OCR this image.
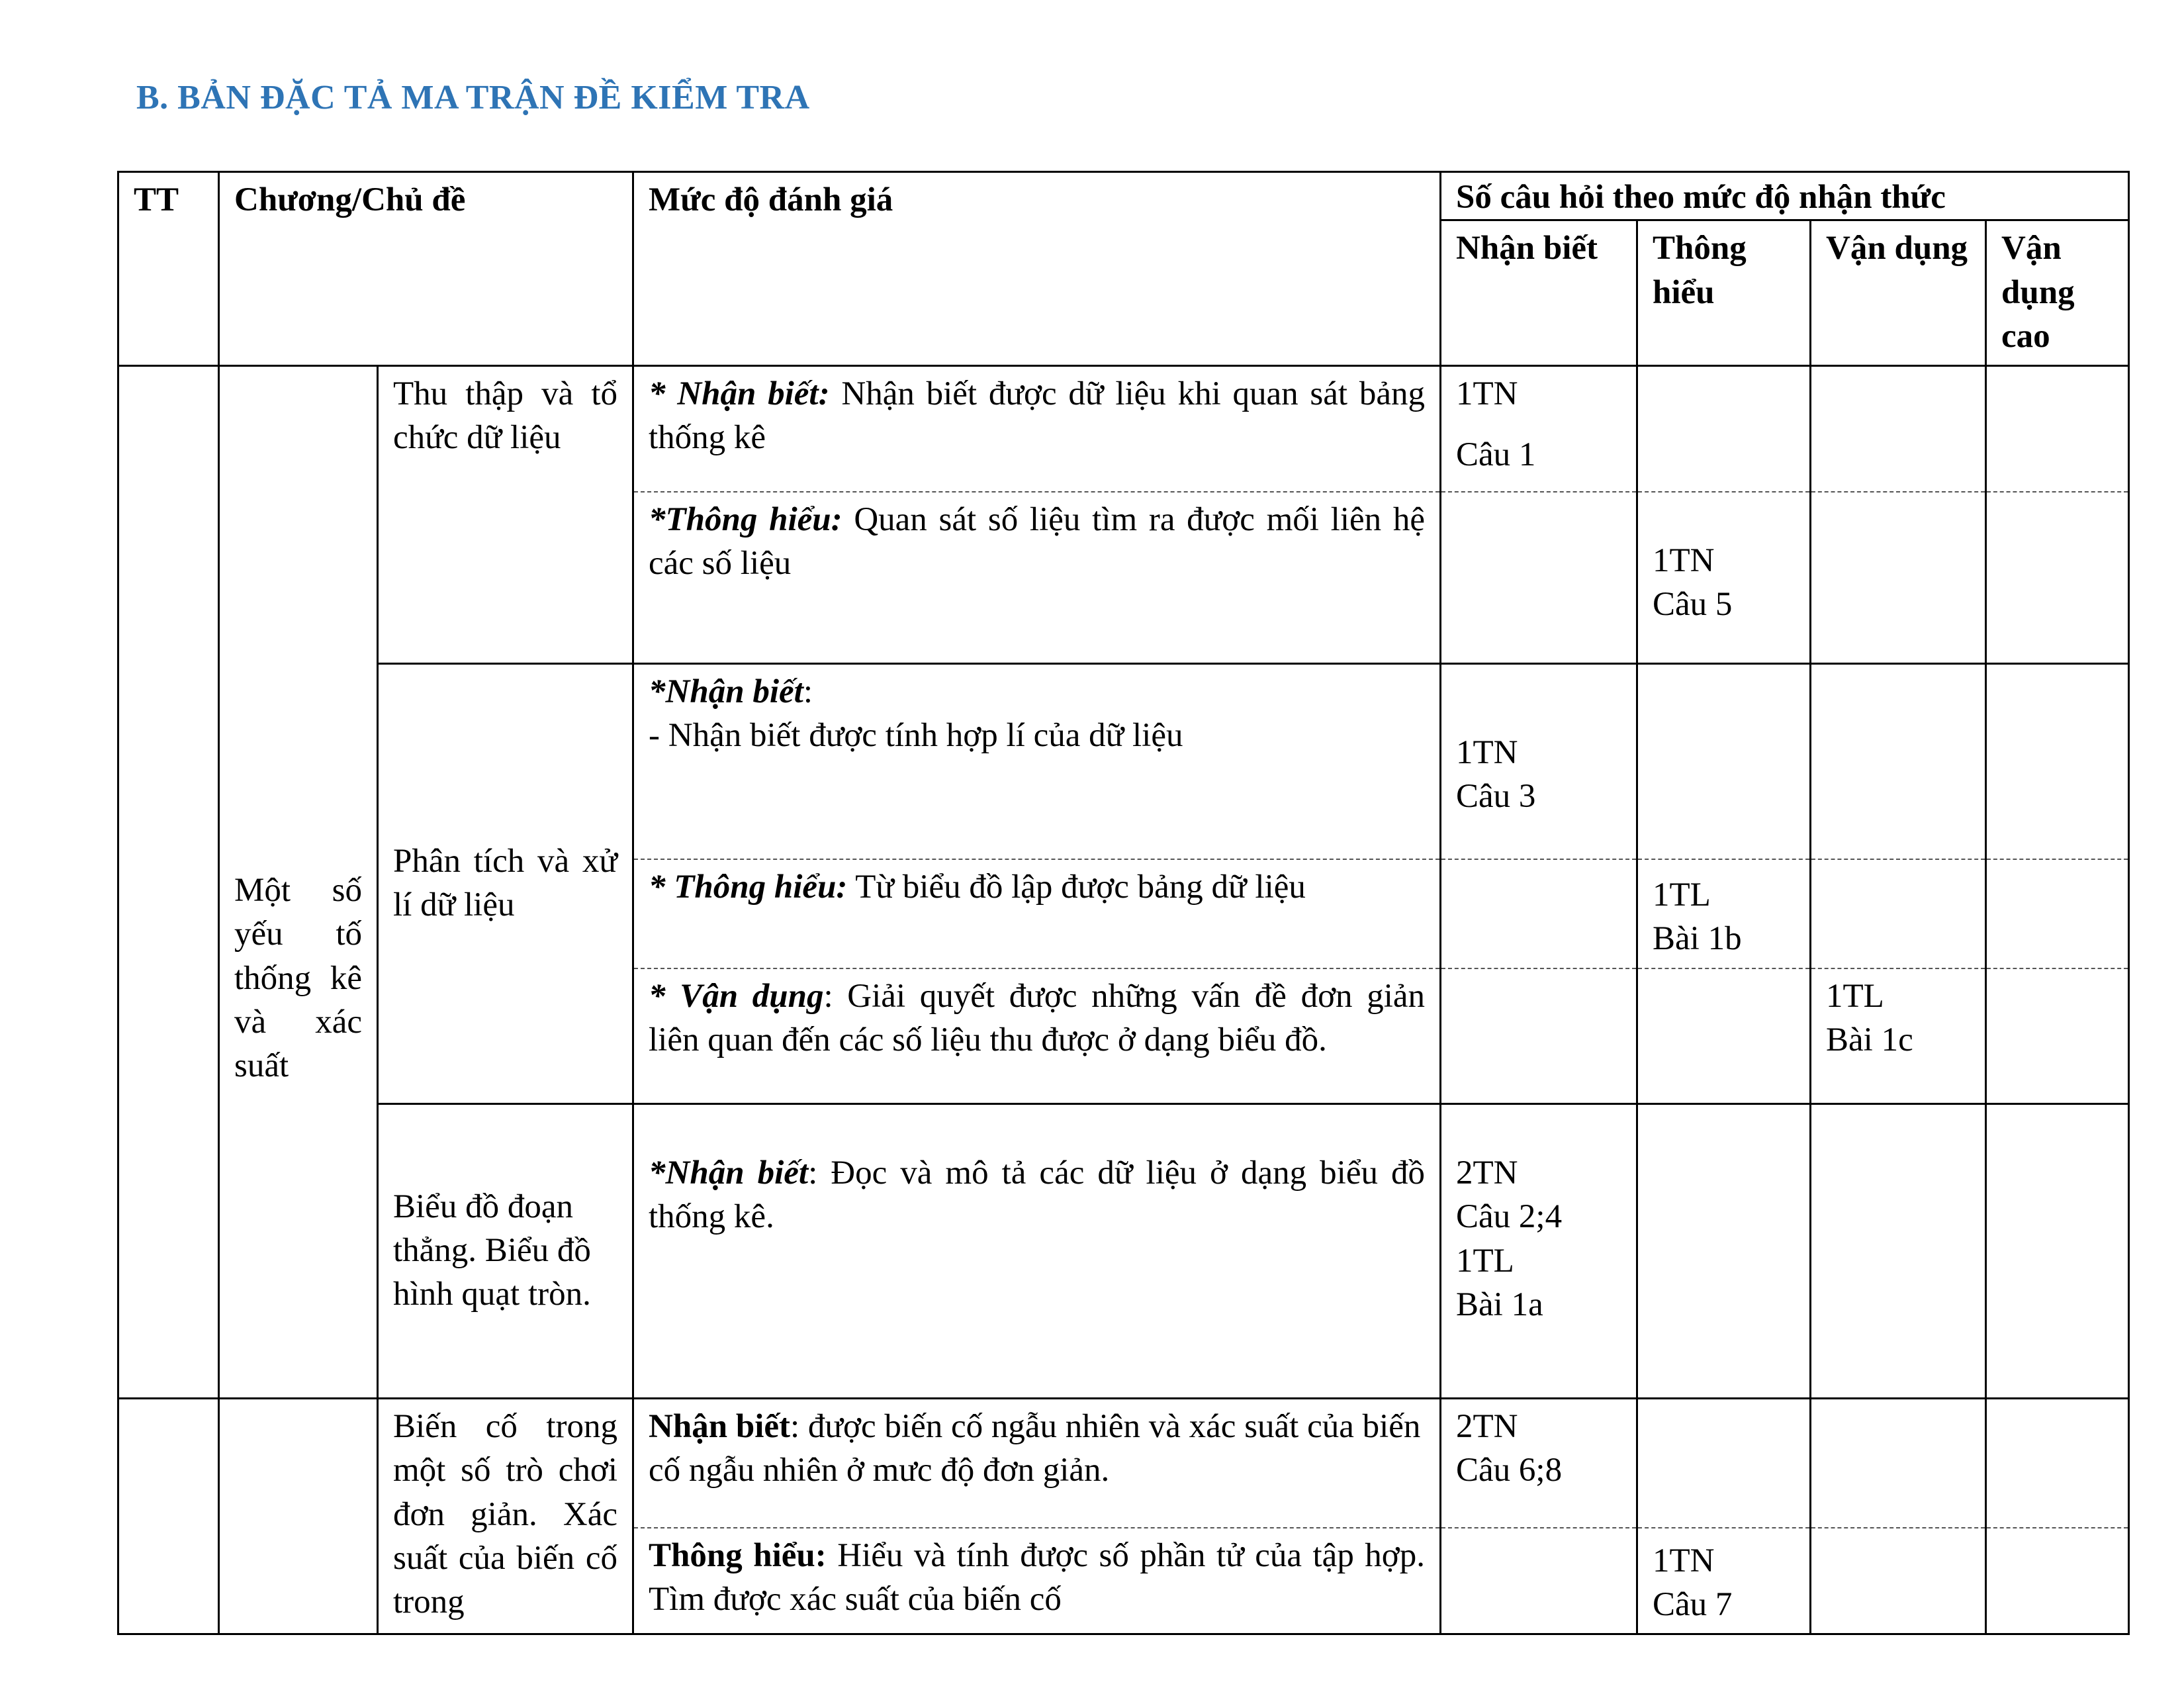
B. BẢN ĐẶC TẢ MA TRẬN ĐỀ KIỂM TRA
TT	Chương/Chủ đề		Mức độ đánh giá	Số câu hỏi theo mức độ nhận thức			
				Nhận biết	Thông hiểu	Vận dụng	Vận dụng cao
	Một số yếu tố thống kê và xác suất	Thu thập và tổ chức dữ liệu	* Nhận biết: Nhận biết được dữ liệu khi quan sát bảng thống kê	1TN
Câu 1			

			*Thông hiểu: Quan sát số liệu tìm ra được mối liên hệ các số liệu		1TN
Câu 5		

		Phân tích và xử lí dữ liệu	*Nhận biết:
- Nhận biết được tính hợp lí của dữ liệu	1TN
Câu 3			

			* Thông hiểu: Từ biểu đồ lập được bảng dữ liệu		1TL
Bài 1b		

			* Vận dụng: Giải quyết được những vấn đề đơn giản liên quan đến các số liệu thu được ở dạng biểu đồ.			1TL
Bài 1c	

		Biểu đồ đoạn thẳng. Biểu đồ hình quạt tròn.	*Nhận biết: Đọc và mô tả các dữ liệu ở dạng biểu đồ thống kê.	2TN
Câu 2;4
1TL
Bài 1a			

		Biến cố trong một số trò chơi đơn giản. Xác suất của biến cố trong	Nhận biết: được biến cố ngẫu nhiên và xác suất của biến cố ngẫu nhiên ở mưc độ đơn giản.	2TN
Câu 6;8			

			Thông hiểu: Hiểu và tính được số phần tử của tập hợp. Tìm được xác suất của biến cố		1TN
Câu 7		
